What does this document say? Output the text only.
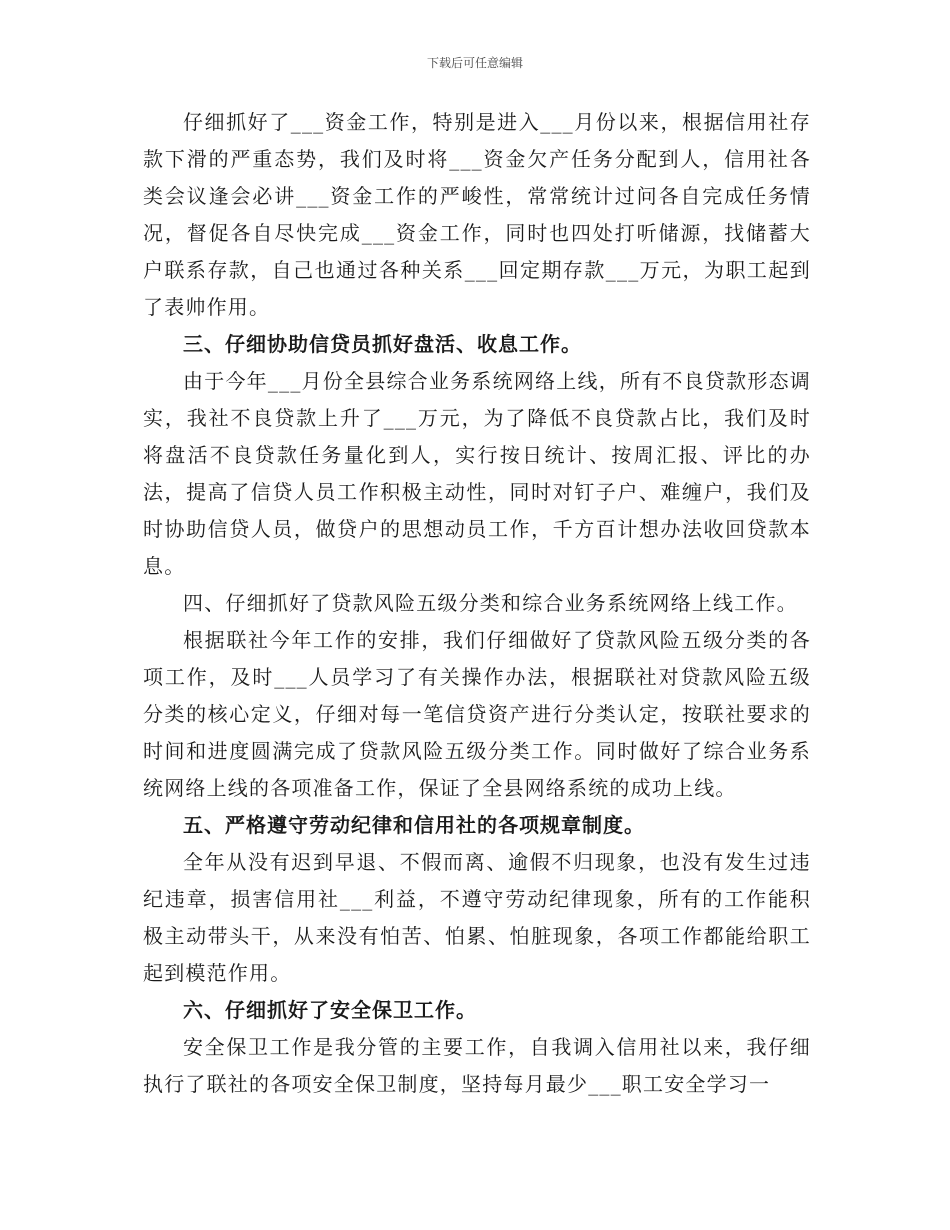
下载后可任意编辑

仔细抓好了___资金工作，特别是进入___月份以来，根据信用社存款下滑的严重态势，我们及时将___资金欠产任务分配到人，信用社各类会议逢会必讲___资金工作的严峻性，常常统计过问各自完成任务情况，督促各自尽快完成___资金工作，同时也四处打听储源，找储蓄大户联系存款，自己也通过各种关系___回定期存款___万元，为职工起到了表帅作用。

三、仔细协助信贷员抓好盘活、收息工作。

由于今年___月份全县综合业务系统网络上线，所有不良贷款形态调实，我社不良贷款上升了___万元，为了降低不良贷款占比，我们及时将盘活不良贷款任务量化到人，实行按日统计、按周汇报、评比的办法，提高了信贷人员工作积极主动性，同时对钉子户、难缠户，我们及时协助信贷人员，做贷户的思想动员工作，千方百计想办法收回贷款本息。

四、仔细抓好了贷款风险五级分类和综合业务系统网络上线工作。

根据联社今年工作的安排，我们仔细做好了贷款风险五级分类的各项工作，及时___人员学习了有关操作办法，根据联社对贷款风险五级分类的核心定义，仔细对每一笔信贷资产进行分类认定，按联社要求的时间和进度圆满完成了贷款风险五级分类工作。同时做好了综合业务系统网络上线的各项准备工作，保证了全县网络系统的成功上线。

五、严格遵守劳动纪律和信用社的各项规章制度。

全年从没有迟到早退、不假而离、逾假不归现象，也没有发生过违纪违章，损害信用社___利益，不遵守劳动纪律现象，所有的工作能积极主动带头干，从来没有怕苦、怕累、怕脏现象，各项工作都能给职工起到模范作用。

六、仔细抓好了安全保卫工作。

安全保卫工作是我分管的主要工作，自我调入信用社以来，我仔细执行了联社的各项安全保卫制度，坚持每月最少___职工安全学习一
